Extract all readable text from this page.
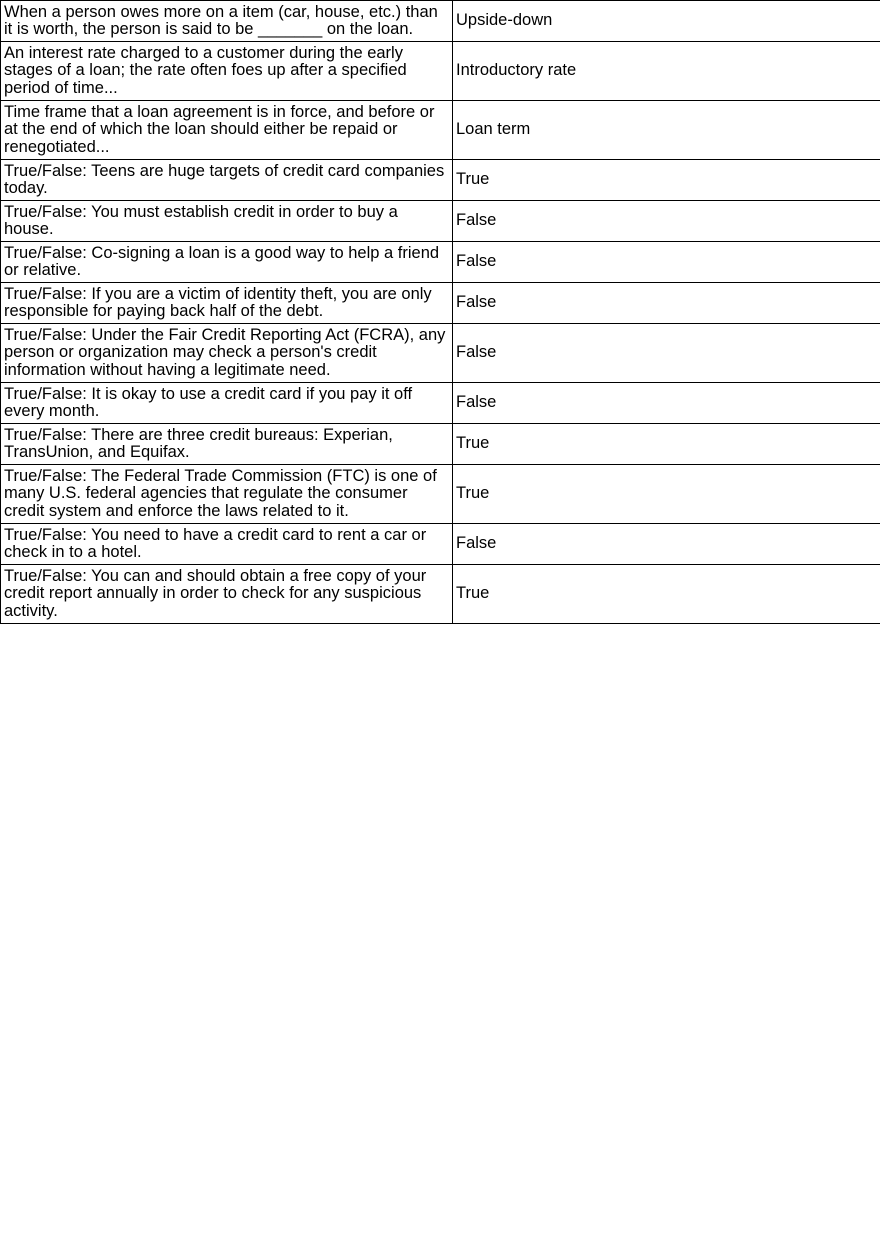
When a person owes more on a item (car, house, etc.) than it is worth, the person is said to be _______ on the loan.	Upside-down
An interest rate charged to a customer during the early stages of a loan; the rate often foes up after a specified period of time...	Introductory rate
Time frame that a loan agreement is in force, and before or at the end of which the loan should either be repaid or renegotiated...	Loan term
True/False: Teens are huge targets of credit card companies today.	True
True/False: You must establish credit in order to buy a house.	False
True/False: Co-signing a loan is a good way to help a friend or relative.	False
True/False: If you are a victim of identity theft, you are only responsible for paying back half of the debt.	False
True/False: Under the Fair Credit Reporting Act (FCRA), any person or organization may check a person's credit information without having a legitimate need.	False
True/False: It is okay to use a credit card if you pay it off every month.	False
True/False: There are three credit bureaus: Experian, TransUnion, and Equifax.	True
True/False: The Federal Trade Commission (FTC) is one of many U.S. federal agencies that regulate the consumer credit system and enforce the laws related to it.	True
True/False: You need to have a credit card to rent a car or check in to a hotel.	False
True/False: You can and should obtain a free copy of your credit report annually in order to check for any suspicious activity.	True
